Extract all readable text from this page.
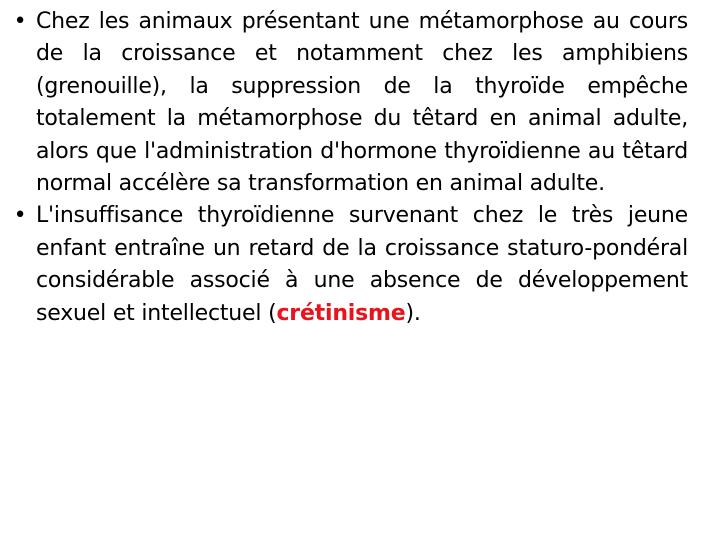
• Chez les animaux présentant une métamorphose au cours de la croissance et notamment chez les amphibiens (grenouille), la suppression de la thyroïde empêche totalement la métamorphose du têtard en animal adulte, alors que l'administration d'hormone thyroïdienne au têtard normal accélère sa transformation en animal adulte.
• L'insuffisance thyroïdienne survenant chez le très jeune enfant entraîne un retard de la croissance staturo-pondéral considérable associé à une absence de développement sexuel et intellectuel (crétinisme).
